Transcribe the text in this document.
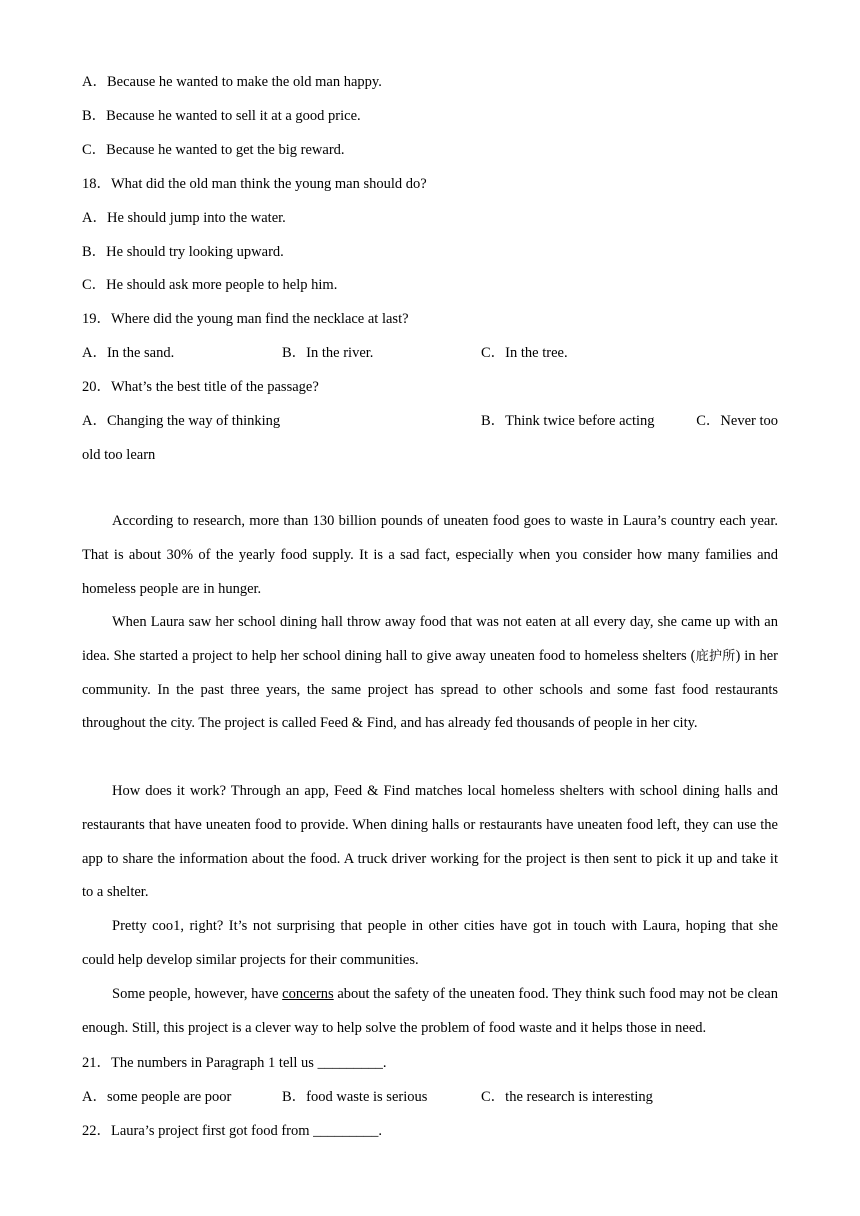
A．Because he wanted to make the old man happy.
B．Because he wanted to sell it at a good price.
C．Because he wanted to get the big reward.
18．What did the old man think the young man should do?
A．He should jump into the water.
B．He should try looking upward.
C．He should ask more people to help him.
19．Where did the young man find the necklace at last?
A．In the sand.	B．In the river.	C．In the tree.
20．What’s the best title of the passage?
A．Changing the way of thinking	B．Think twice before acting	C．Never too
old too learn
According to research, more than 130 billion pounds of uneaten food goes to waste in Laura’s country each year. That is about 30% of the yearly food supply. It is a sad fact, especially when you consider how many families and homeless people are in hunger.
When Laura saw her school dining hall throw away food that was not eaten at all every day, she came up with an idea. She started a project to help her school dining hall to give away uneaten food to homeless shelters (庇护所) in her community. In the past three years, the same project has spread to other schools and some fast food restaurants throughout the city. The project is called Feed & Find, and has already fed thousands of people in her city.
How does it work? Through an app, Feed & Find matches local homeless shelters with school dining halls and restaurants that have uneaten food to provide. When dining halls or restaurants have uneaten food left, they can use the app to share the information about the food. A truck driver working for the project is then sent to pick it up and take it to a shelter.
Pretty coo1, right? It’s not surprising that people in other cities have got in touch with Laura, hoping that she could help develop similar projects for their communities.
Some people, however, have concerns about the safety of the uneaten food. They think such food may not be clean enough. Still, this project is a clever way to help solve the problem of food waste and it helps those in need.
21．The numbers in Paragraph 1 tell us _________.
A．some people are poor	B．food waste is serious	C．the research is interesting
22．Laura’s project first got food from _________.
